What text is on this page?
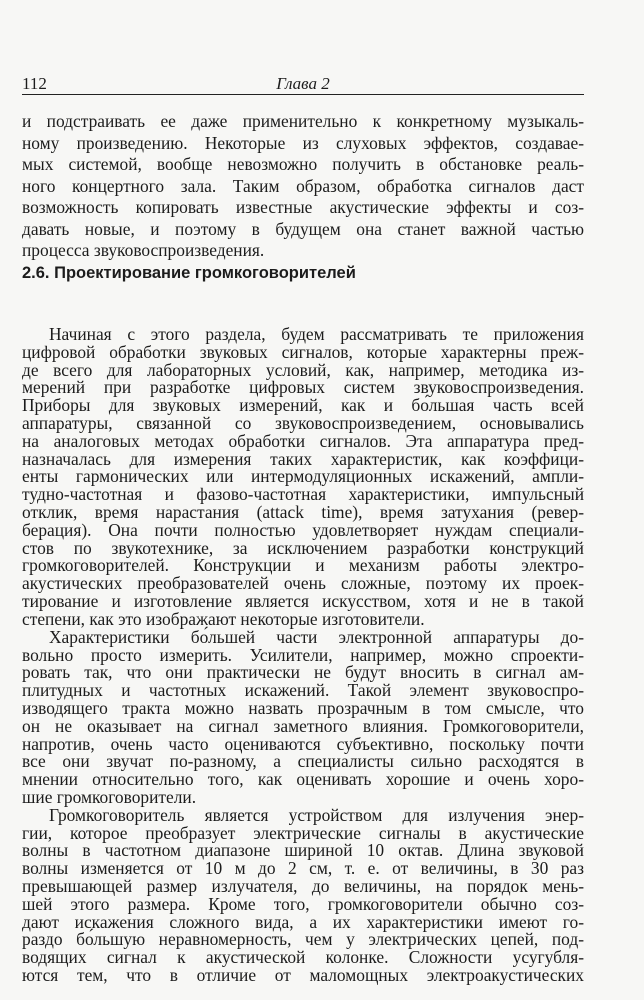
112	Глава 2
и подстраивать ее даже применительно к конкретному музыкаль-
ному произведению. Некоторые из слуховых эффектов, создавае-
мых системой, вообще невозможно получить в обстановке реаль-
ного концертного зала. Таким образом, обработка сигналов даст
возможность копировать известные акустические эффекты и соз-
давать новые, и поэтому в будущем она станет важной частью
процесса звуковоспроизведения.
2.6. Проектирование громкоговорителей
Начиная с этого раздела, будем рассматривать те приложения
цифровой обработки звуковых сигналов, которые характерны преж-
де всего для лабораторных условий, как, например, методика из-
мерений при разработке цифровых систем звуковоспроизведения.
Приборы для звуковых измерений, как и бо́льшая часть всей
аппаратуры, связанной со звуковоспроизведением, основывались
на аналоговых методах обработки сигналов. Эта аппаратура пред-
назначалась для измерения таких характеристик, как коэффици-
енты гармонических или интермодуляционных искажений, ампли-
тудно-частотная и фазово-частотная характеристики, импульсный
отклик, время нарастания (attack time), время затухания (ревер-
берация). Она почти полностью удовлетворяет нуждам специали-
стов по звукотехнике, за исключением разработки конструкций
громкоговорителей. Конструкции и механизм работы электро-
акустических преобразователей очень сложные, поэтому их проек-
тирование и изготовление является искусством, хотя и не в такой
степени, как это изображают некоторые изготовители.
Характеристики бо́льшей части электронной аппаратуры до-
вольно просто измерить. Усилители, например, можно спроекти-
ровать так, что они практически не будут вносить в сигнал ам-
плитудных и частотных искажений. Такой элемент звуковоспро-
изводящего тракта можно назвать прозрачным в том смысле, что
он не оказывает на сигнал заметного влияния. Громкоговорители,
напротив, очень часто оцениваются субъективно, поскольку почти
все они звучат по-разному, а специалисты сильно расходятся в
мнении относительно того, как оценивать хорошие и очень хоро-
шие громкоговорители.
Громкоговоритель является устройством для излучения энер-
гии, которое преобразует электрические сигналы в акустические
волны в частотном диапазоне шириной 10 октав. Длина звуковой
волны изменяется от 10 м до 2 см, т. е. от величины, в 30 раз
превышающей размер излучателя, до величины, на порядок мень-
шей этого размера. Кроме того, громкоговорители обычно соз-
дают искажения сложного вида, а их характеристики имеют го-
раздо бо́льшую неравномерность, чем у электрических цепей, под-
водящих сигнал к акустической колонке. Сложности усугубля-
ются тем, что в отличие от маломощных электроакустических
